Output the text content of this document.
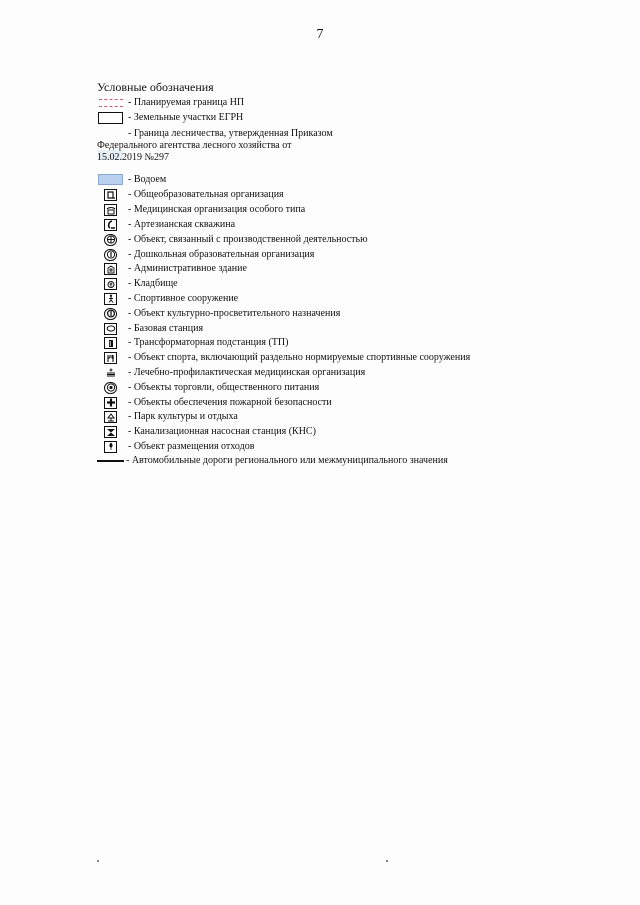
7
Условные обозначения
- Планируемая граница НП
- Земельные участки ЕГРН
- Граница лесничества, утвержденная Приказом
Федерального агентства лесного хозяйства от
15.02.2019 №297
- Водоем
- Общеобразовательная организация
- Медицинская организация особого типа
- Артезианская скважина
- Объект, связанный с производственной деятельностью
- Дошкольная образовательная организация
- Административное здание
- Кладбище
- Спортивное сооружение
- Объект культурно-просветительного назначения
- Базовая станция
- Трансформаторная подстанция (ТП)
- Объект спорта, включающий раздельно нормируемые спортивные сооружения
- Лечебно-профилактическая медицинская организация
- Объекты торговли, общественного питания
- Объекты обеспечения пожарной безопасности
- Парк культуры и отдыха
- Канализационная насосная станция (КНС)
- Объект размещения отходов
- Автомобильные дороги регионального или межмуниципального значения
